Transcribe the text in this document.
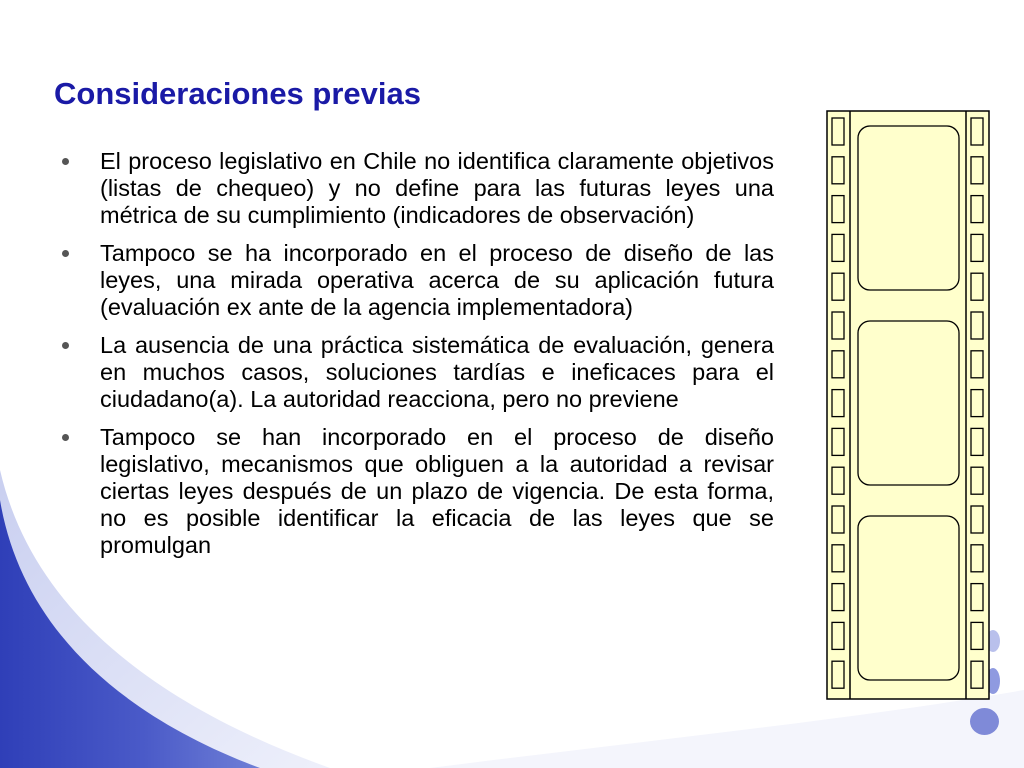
Consideraciones previas
El proceso legislativo en Chile no identifica claramente objetivos (listas de chequeo) y no define para las futuras leyes una métrica de su cumplimiento (indicadores de observación)
Tampoco se ha incorporado en el proceso de diseño de las leyes, una mirada operativa acerca de su aplicación futura (evaluación ex ante de la agencia implementadora)
La ausencia de una práctica sistemática de evaluación, genera en muchos casos, soluciones tardías e ineficaces para el ciudadano(a). La autoridad reacciona, pero no previene
Tampoco se han incorporado en el proceso de diseño legislativo, mecanismos que obliguen a la autoridad a revisar ciertas leyes después de un plazo de vigencia. De esta forma, no es posible identificar la eficacia de las leyes que se promulgan
